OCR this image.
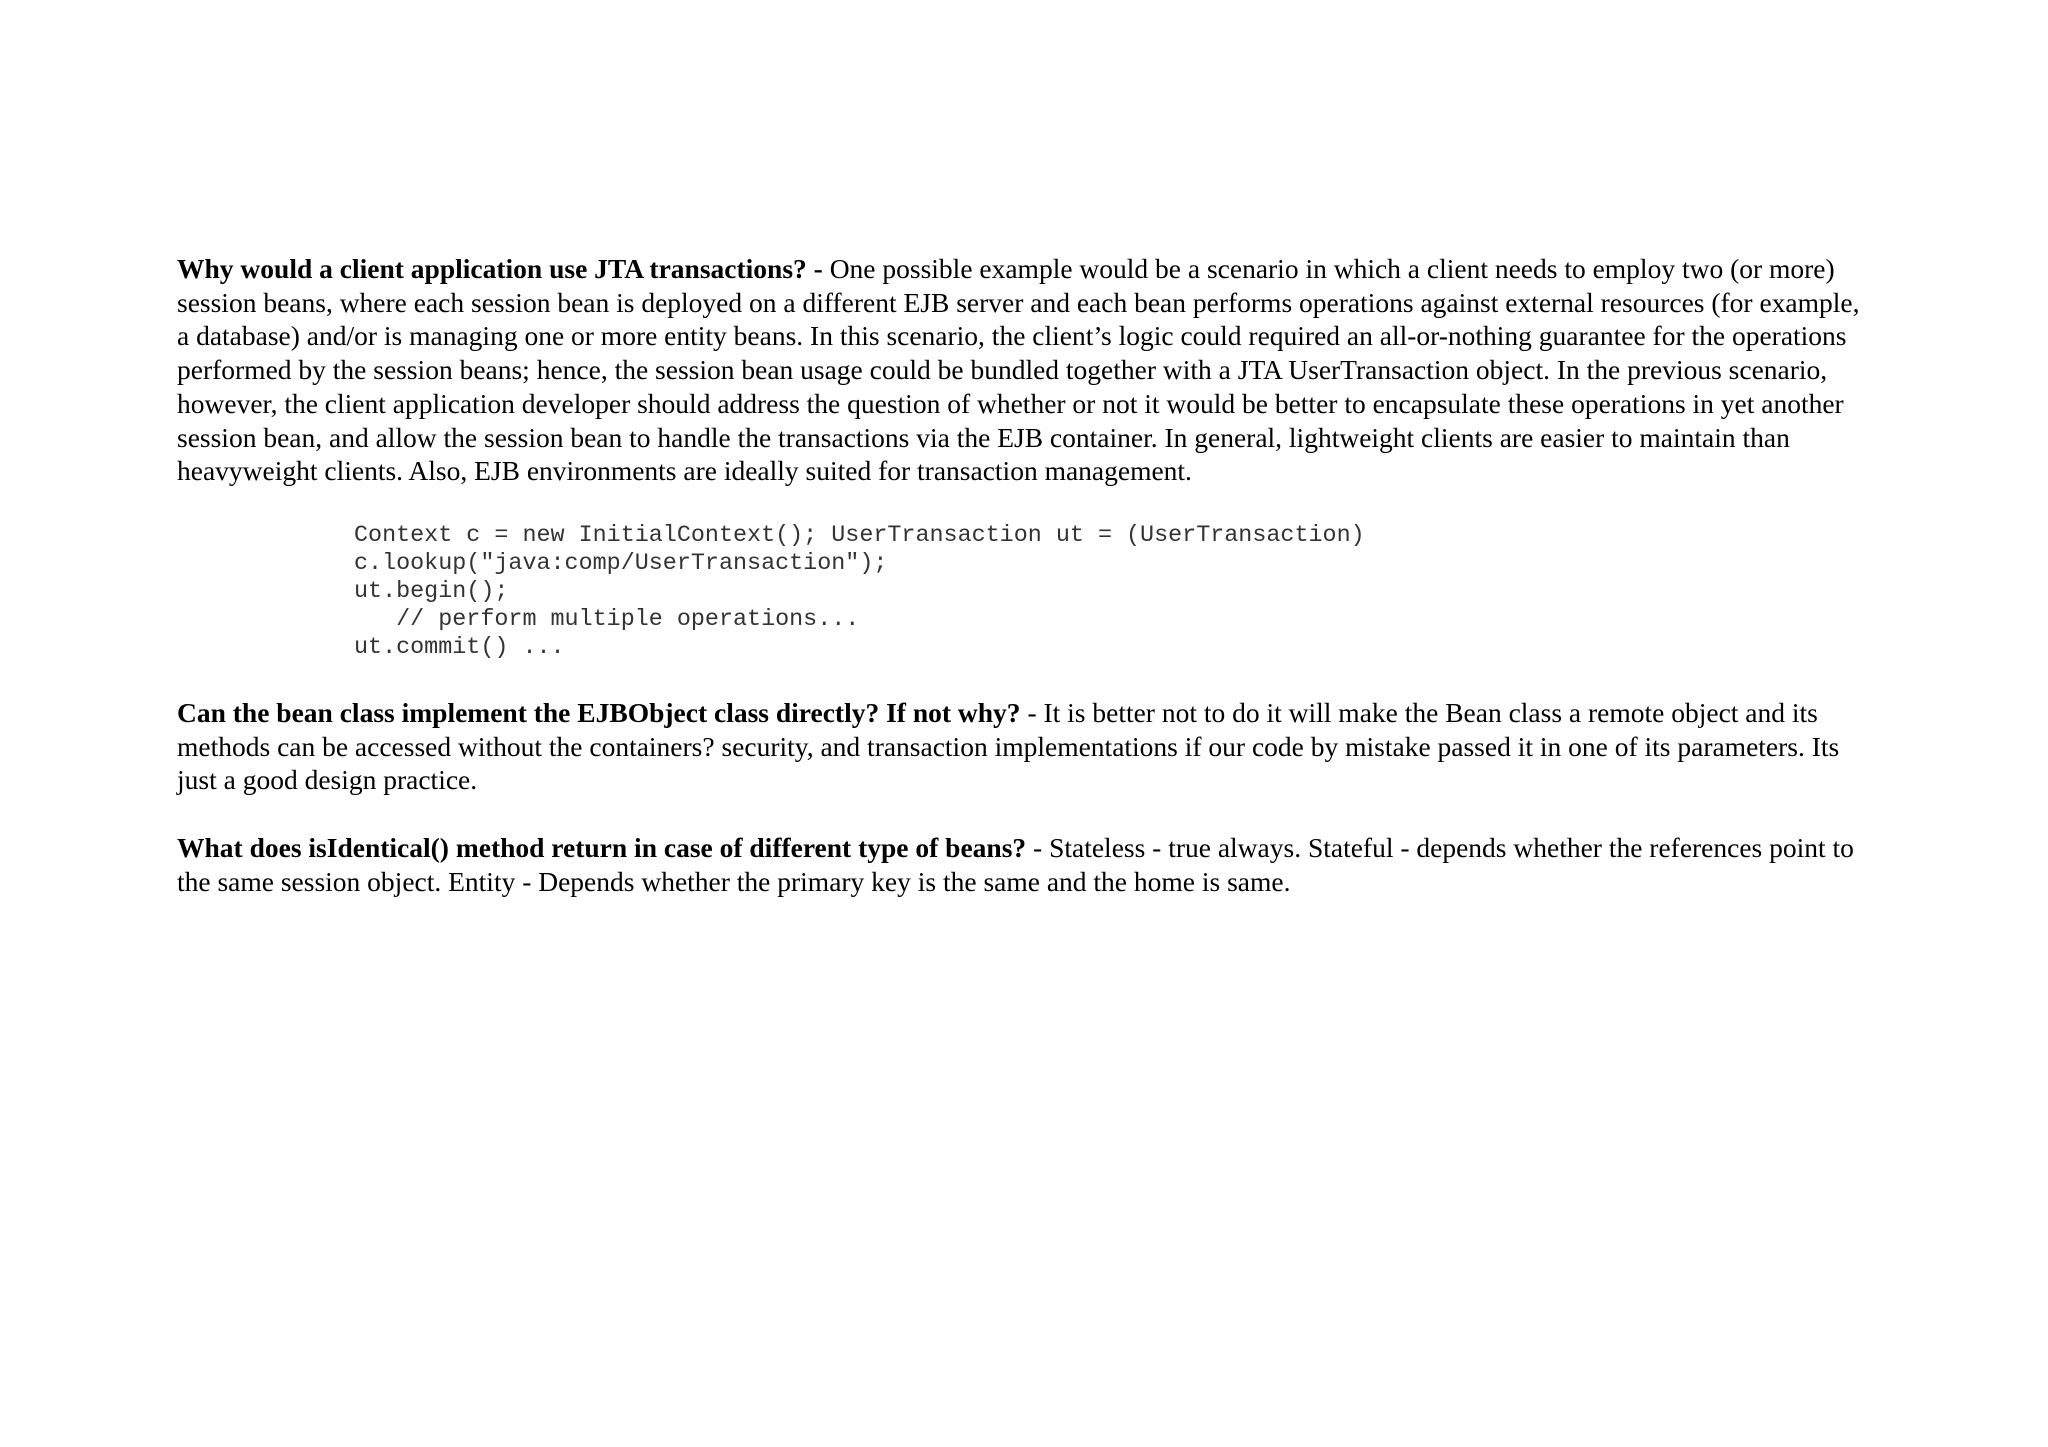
Why would a client application use JTA transactions? - One possible example would be a scenario in which a client needs to employ two (or more) session beans, where each session bean is deployed on a different EJB server and each bean performs operations against external resources (for example, a database) and/or is managing one or more entity beans. In this scenario, the client’s logic could required an all-or-nothing guarantee for the operations performed by the session beans; hence, the session bean usage could be bundled together with a JTA UserTransaction object. In the previous scenario, however, the client application developer should address the question of whether or not it would be better to encapsulate these operations in yet another session bean, and allow the session bean to handle the transactions via the EJB container. In general, lightweight clients are easier to maintain than heavyweight clients. Also, EJB environments are ideally suited for transaction management.

Context c = new InitialContext(); UserTransaction ut = (UserTransaction)
c.lookup("java:comp/UserTransaction");
ut.begin();
// perform multiple operations...
ut.commit() ...

Can the bean class implement the EJBObject class directly? If not why? - It is better not to do it will make the Bean class a remote object and its methods can be accessed without the containers? security, and transaction implementations if our code by mistake passed it in one of its parameters. Its just a good design practice.

What does isIdentical() method return in case of different type of beans? - Stateless - true always. Stateful - depends whether the references point to the same session object. Entity - Depends whether the primary key is the same and the home is same.
